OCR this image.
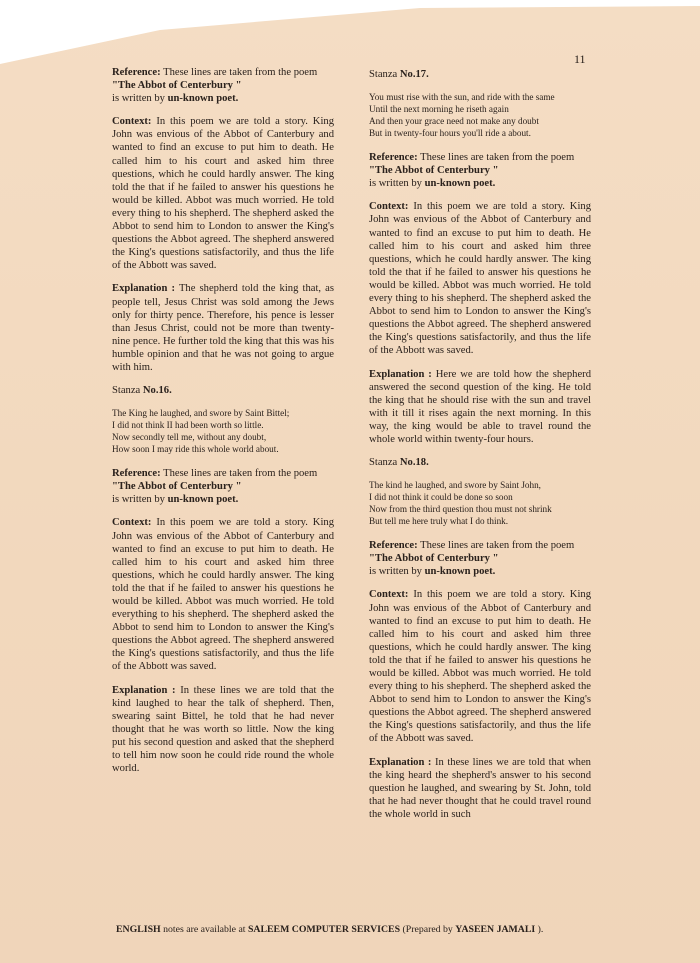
11

Reference: These lines are taken from the poem "The Abbot of Centerbury "
is written by un-known poet.

Context: In this poem we are told a story. King John was envious of the Abbot of Canterbury and wanted to find an excuse to put him to death. He called him to his court and asked him three questions, which he could hardly answer. The king told the that if he failed to answer his questions he would be killed. Abbot was much worried. He told every thing to his shepherd. The shepherd asked the Abbot to send him to London to answer the King's questions the Abbot agreed. The shepherd answered the King's questions satisfactorily, and thus the life of the Abbott was saved.

Explanation : The shepherd told the king that, as people tell, Jesus Christ was sold among the Jews only for thirty pence. Therefore, his pence is lesser than Jesus Christ, could not be more than twenty-nine pence. He further told the king that this was his humble opinion and that he was not going to argue with him.

Stanza No.16.

The King he laughed, and swore by Saint Bittel;
I did not think II had been worth so little.
Now secondly tell me, without any doubt,
How soon I may ride this whole world about.

Reference: These lines are taken from the poem "The Abbot of Centerbury "
is written by un-known poet.

Context: In this poem we are told a story. King John was envious of the Abbot of Canterbury and wanted to find an excuse to put him to death. He called him to his court and asked him three questions, which he could hardly answer. The king told the that if he failed to answer his questions he would be killed. Abbot was much worried. He told everything to his shepherd. The shepherd asked the Abbot to send him to London to answer the King's questions the Abbot agreed. The shepherd answered the King's questions satisfactorily, and thus the life of the Abbott was saved.

Explanation : In these lines we are told that the kind laughed to hear the talk of shepherd. Then, swearing saint Bittel, he told that he had never thought that he was worth so little. Now the king put his second question and asked that the shepherd to tell him now soon he could ride round the whole world.

Stanza No.17.

You must rise with the sun, and ride with the same
Until the next morning he riseth again
And then your grace need not make any doubt
But in twenty-four hours you'll ride a about.

Reference: These lines are taken from the poem "The Abbot of Centerbury "
is written by un-known poet.

Context: In this poem we are told a story. King John was envious of the Abbot of Canterbury and wanted to find an excuse to put him to death. He called him to his court and asked him three questions, which he could hardly answer. The king told the that if he failed to answer his questions he would be killed. Abbot was much worried. He told every thing to his shepherd. The shepherd asked the Abbot to send him to London to answer the King's questions the Abbot agreed. The shepherd answered the King's questions satisfactorily, and thus the life of the Abbott was saved.

Explanation : Here we are told how the shepherd answered the second question of the king. He told the king that he should rise with the sun and travel with it till it rises again the next morning. In this way, the king would be able to travel round the whole world within twenty-four hours.

Stanza No.18.

The kind he laughed, and swore by Saint John,
I did not think it could be done so soon
Now from the third question thou must not shrink
But tell me here truly what I do think.

Reference: These lines are taken from the poem "The Abbot of Centerbury "
is written by un-known poet.

Context: In this poem we are told a story. King John was envious of the Abbot of Canterbury and wanted to find an excuse to put him to death. He called him to his court and asked him three questions, which he could hardly answer. The king told the that if he failed to answer his questions he would be killed. Abbot was much worried. He told every thing to his shepherd. The shepherd asked the Abbot to send him to London to answer the King's questions the Abbot agreed. The shepherd answered the King's questions satisfactorily, and thus the life of the Abbott was saved.

Explanation : In these lines we are told that when the king heard the shepherd's answer to his second question he laughed, and swearing by St. John, told that he had never thought that he could travel round the whole world in such

ENGLISH notes are available at SALEEM COMPUTER SERVICES (Prepared by YASEEN JAMALI ).
